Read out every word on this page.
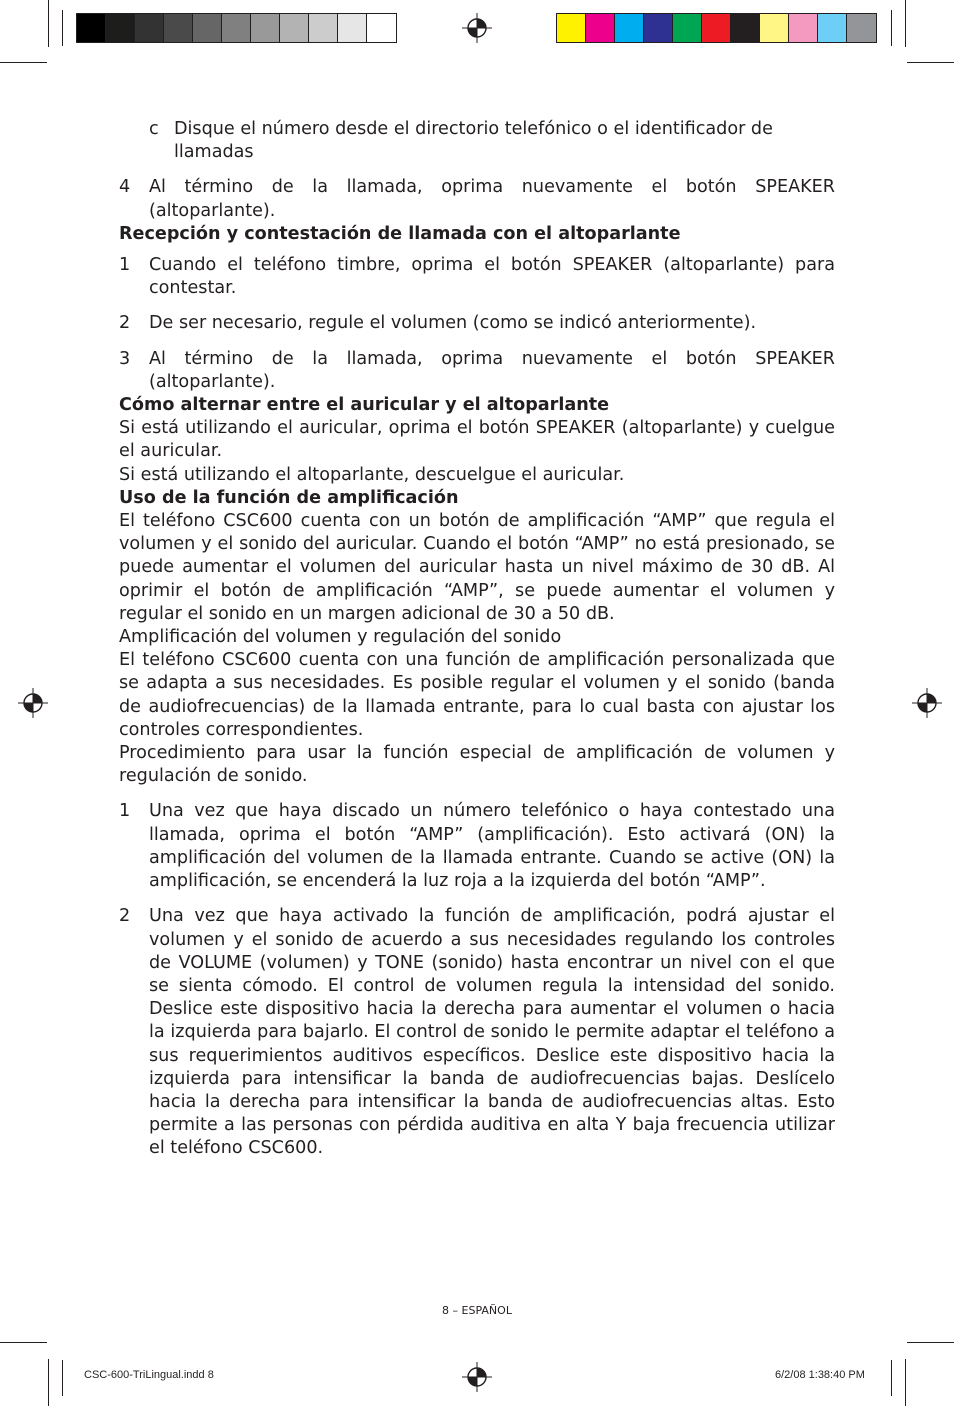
c Disque el número desde el directorio telefónico o el identificador de llamadas
4	Al término de la llamada, oprima nuevamente el botón SPEAKER (altoparlante).

Recepción y contestación de llamada con el altoparlante

1	Cuando el teléfono timbre, oprima el botón SPEAKER (altoparlante) para contestar.
2	De ser necesario, regule el volumen (como se indicó anteriormente).
3	Al término de la llamada, oprima nuevamente el botón SPEAKER (altoparlante).

Cómo alternar entre el auricular y el altoparlante

Si está utilizando el auricular, oprima el botón SPEAKER (altoparlante) y cuelgue el auricular.

Si está utilizando el altoparlante, descuelgue el auricular.

Uso de la función de amplificación

El teléfono CSC600 cuenta con un botón de amplificación “AMP” que regula el volumen y el sonido del auricular. Cuando el botón “AMP” no está presionado, se puede aumentar el volumen del auricular hasta un nivel máximo de 30 dB. Al oprimir el botón de amplificación “AMP”, se puede aumentar el volumen y regular el sonido en un margen adicional de 30 a 50 dB.

Amplificación del volumen y regulación del sonido

El teléfono CSC600 cuenta con una función de amplificación personalizada que se adapta a sus necesidades. Es posible regular el volumen y el sonido (banda de audiofrecuencias) de la llamada entrante, para lo cual basta con ajustar los controles correspondientes.

Procedimiento para usar la función especial de amplificación de volumen y regulación de sonido.

1	Una vez que haya discado un número telefónico o haya contestado una llamada, oprima el botón “AMP” (amplificación). Esto activará (ON) la amplificación del volumen de la llamada entrante. Cuando se active (ON) la amplificación, se encenderá la luz roja a la izquierda del botón “AMP”.
2	Una vez que haya activado la función de amplificación, podrá ajustar el volumen y el sonido de acuerdo a sus necesidades regulando los controles de VOLUME (volumen) y TONE (sonido) hasta encontrar un nivel con el que se sienta cómodo. El control de volumen regula la intensidad del sonido. Deslice este dispositivo hacia la derecha para aumentar el volumen o hacia la izquierda para bajarlo. El control de sonido le permite adaptar el teléfono a sus requerimientos auditivos específicos. Deslice este dispositivo hacia la izquierda para intensificar la banda de audiofrecuencias bajas. Deslícelo hacia la derecha para intensificar la banda de audiofrecuencias altas. Esto permite a las personas con pérdida auditiva en alta Y baja frecuencia utilizar el teléfono CSC600.
8 – ESPAÑOL
CSC-600-TriLingual.indd 8	6/2/08 1:38:40 PM
